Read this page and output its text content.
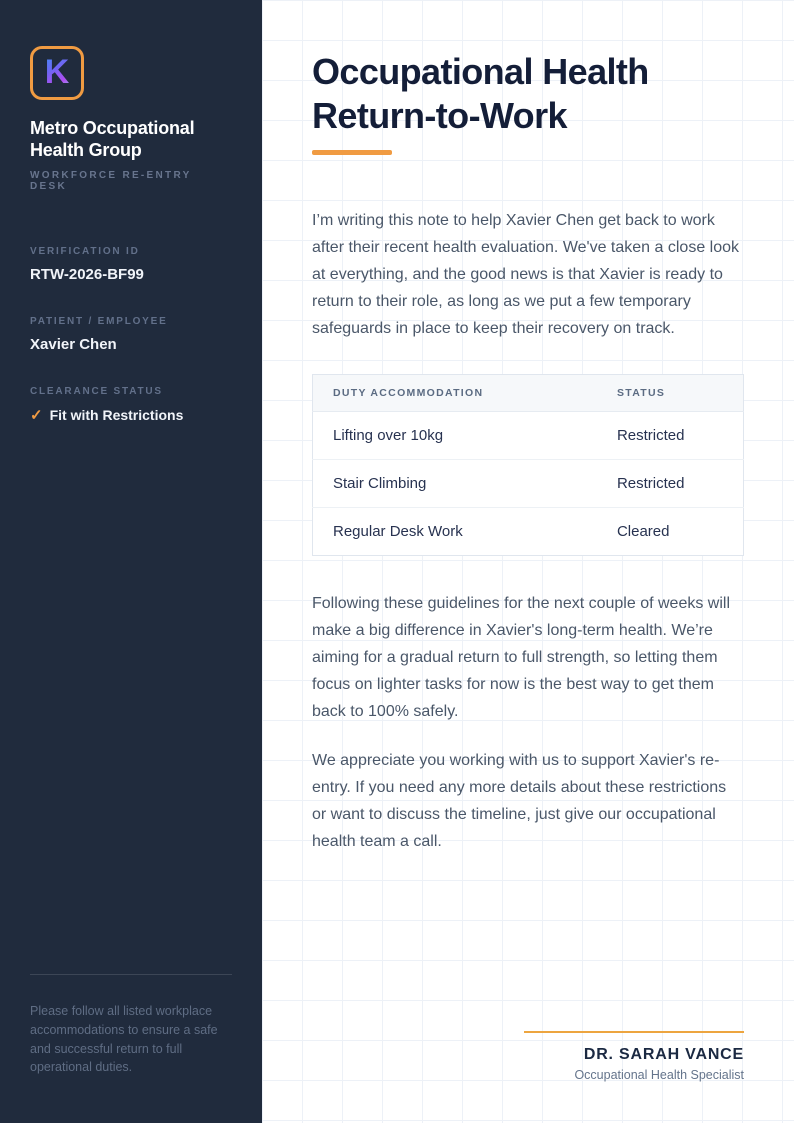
K
Metro Occupational Health Group
WORKFORCE RE-ENTRY DESK
VERIFICATION ID
RTW-2026-BF99
PATIENT / EMPLOYEE
Xavier Chen
CLEARANCE STATUS
✓ Fit with Restrictions

Please follow all listed workplace accommodations to ensure a safe and successful return to full operational duties.

Occupational Health Return-to-Work

I’m writing this note to help Xavier Chen get back to work after their recent health evaluation. We've taken a close look at everything, and the good news is that Xavier is ready to return to their role, as long as we put a few temporary safeguards in place to keep their recovery on track.

DUTY ACCOMMODATION	STATUS
Lifting over 10kg	Restricted
Stair Climbing	Restricted
Regular Desk Work	Cleared

Following these guidelines for the next couple of weeks will make a big difference in Xavier's long-term health. We’re aiming for a gradual return to full strength, so letting them focus on lighter tasks for now is the best way to get them back to 100% safely.

We appreciate you working with us to support Xavier's re-entry. If you need any more details about these restrictions or want to discuss the timeline, just give our occupational health team a call.

DR. SARAH VANCE
Occupational Health Specialist
